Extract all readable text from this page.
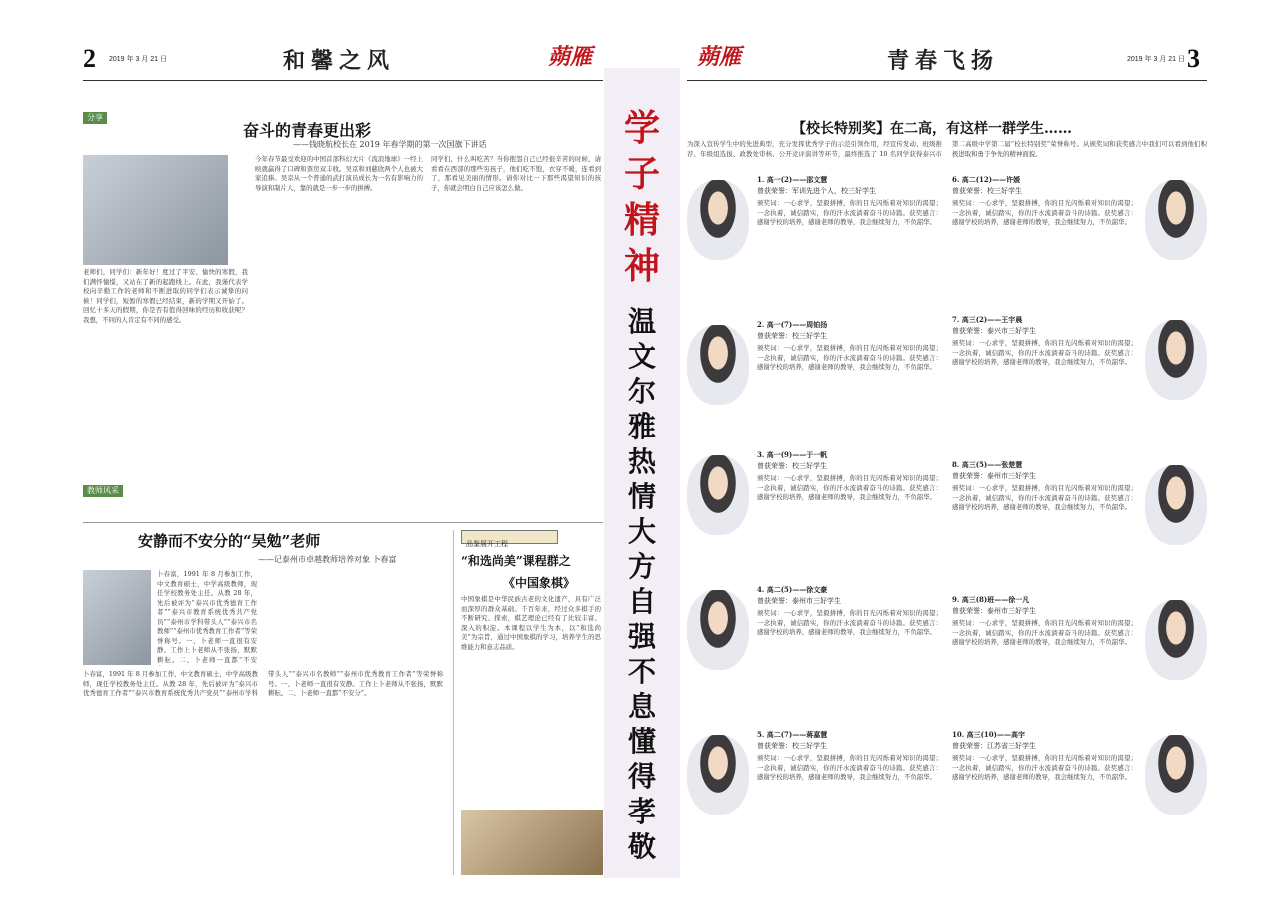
2 2019 年 3 月 21 日	和馨之风	蒴雁
分享
奋斗的青春更出彩
——钱晓航校长在 2019 年春学期的第一次国旗下讲话
老师们，同学们：新年好！度过了平安、愉快的寒假，我们满怀憧憬，又站在了新的起跑线上。在此，我谨代表学校向辛勤工作的老师和不断进取的同学们表示诚挚的问候！同学们，短暂的寒假已经结束，新的学期又开始了。回忆十多天的假期，你是否有值得回味的经历和收获呢？我想，不同的人肯定有不同的感受。
今年春节最受欢迎的中国首部科幻大片《流浪地球》一经上映就赢得了口碑和票房双丰收。吴京和刘慈欣两个人也被大家追捧。吴京从一个普通的武打演员成长为一名有影响力的导演和制片人，靠的就是一步一步的拼搏。
同学们，什么叫吃苦？当你抱怨自己已经很辛苦的时候，请看看在西部的那些穷孩子，他们吃不饱，衣穿不暖，连看到了，那看见美丽的情形。请你对比一下那些渴望知识的孩子，你就会明白自己应该怎么做。
教师风采
安静而不安分的“吴勉”老师
——记泰州市卓越教师培养对象 卜春富
卜春富，1991 年 8 月参加工作，中文教育硕士，中学高级教师，现任学校教务处主任。从教 28 年，先后被评为“泰兴市优秀德育工作者”“泰兴市教育系统优秀共产党员”“泰州市学科带头人”“泰兴市名教师”“泰州市优秀教育工作者”等荣誉称号。一、卜老师一直很有安静。工作上卜老师从不张扬，默默耕耘。二、卜老师一直都“不安分”。
卜春富，1991 年 8 月参加工作，中文教育硕士，中学高级教师，现任学校教务处主任。从教 28 年，先后被评为“泰兴市优秀德育工作者”“泰兴市教育系统优秀共产党员”“泰州市学科带头人”“泰兴市名教师”“泰州市优秀教育工作者”等荣誉称号。一、卜老师一直很有安静。工作上卜老师从不张扬，默默耕耘。二、卜老师一直都“不安
品鉴展开工程
“和选尚美”课程群之
《中国象棋》
中国象棋是中华民族古老的文化遗产，具有广泛而深厚的群众基础。千百年来，经过众多棋手的不断研究、探索，棋艺理论已经有了比较丰富、深入的积淀。本课程以学生为本，以“和选尚美”为宗旨，通过中国象棋的学习，培养学生的思维能力和意志品质。
学
子
精
神
温
文
尔
雅
热
情
大
方
自
强
不
息
懂
得
孝
敬
蒴雁	青春飞扬	2019 年 3 月 21 日 3
【校长特别奖】在二高，有这样一群学生……
为深入宣传学生中的先进典型，充分发挥优秀学子的示范引领作用，经宣传发动、班级推荐、年级组选拔、政教处审核、公开竞评演讲等环节，最终推选了 10 名同学获得泰兴市第二高级中学第二届“校长特别奖”荣誉称号。从颁奖词和获奖感言中我们可以看到他们积极进取和勇于争先的精神面貌。
1. 高一(2)——邵文慧
曾获荣誉：军训先进个人，校三好学生
颁奖词：一心求学，坚毅拼搏，你的目光闪烁着对知识的渴望；一念执着，诚信踏实，你的汗水流淌着奋斗的诗篇。获奖感言：感谢学校的培养，感谢老师的教导，我会继续努力，不负韶华。
2. 高一(7)——周铂扬
曾获荣誉：校三好学生
颁奖词：一心求学，坚毅拼搏，你的目光闪烁着对知识的渴望；一念执着，诚信踏实，你的汗水流淌着奋斗的诗篇。获奖感言：感谢学校的培养，感谢老师的教导，我会继续努力，不负韶华。
3. 高一(9)——于一帆
曾获荣誉：校三好学生
颁奖词：一心求学，坚毅拼搏，你的目光闪烁着对知识的渴望；一念执着，诚信踏实，你的汗水流淌着奋斗的诗篇。获奖感言：感谢学校的培养，感谢老师的教导，我会继续努力，不负韶华。
4. 高二(5)——徐文豪
曾获荣誉：泰州市三好学生
颁奖词：一心求学，坚毅拼搏，你的目光闪烁着对知识的渴望；一念执着，诚信踏实，你的汗水流淌着奋斗的诗篇。获奖感言：感谢学校的培养，感谢老师的教导，我会继续努力，不负韶华。
5. 高二(7)——蒋嘉慧
曾获荣誉：校三好学生
颁奖词：一心求学，坚毅拼搏，你的目光闪烁着对知识的渴望；一念执着，诚信踏实，你的汗水流淌着奋斗的诗篇。获奖感言：感谢学校的培养，感谢老师的教导，我会继续努力，不负韶华。
6. 高二(12)——许媛
曾获荣誉：校三好学生
颁奖词：一心求学，坚毅拼搏，你的目光闪烁着对知识的渴望；一念执着，诚信踏实，你的汗水流淌着奋斗的诗篇。获奖感言：感谢学校的培养，感谢老师的教导，我会继续努力，不负韶华。
7. 高三(2)——王宇晨
曾获荣誉：泰兴市三好学生
颁奖词：一心求学，坚毅拼搏，你的目光闪烁着对知识的渴望；一念执着，诚信踏实，你的汗水流淌着奋斗的诗篇。获奖感言：感谢学校的培养，感谢老师的教导，我会继续努力，不负韶华。
8. 高三(5)——张楚慧
曾获荣誉：泰州市三好学生
颁奖词：一心求学，坚毅拼搏，你的目光闪烁着对知识的渴望；一念执着，诚信踏实，你的汗水流淌着奋斗的诗篇。获奖感言：感谢学校的培养，感谢老师的教导，我会继续努力，不负韶华。
9. 高三(8)班——徐一凡
曾获荣誉：泰州市三好学生
颁奖词：一心求学，坚毅拼搏，你的目光闪烁着对知识的渴望；一念执着，诚信踏实，你的汗水流淌着奋斗的诗篇。获奖感言：感谢学校的培养，感谢老师的教导，我会继续努力，不负韶华。
10. 高三(10)——高宇
曾获荣誉：江苏省三好学生
颁奖词：一心求学，坚毅拼搏，你的目光闪烁着对知识的渴望；一念执着，诚信踏实，你的汗水流淌着奋斗的诗篇。获奖感言：感谢学校的培养，感谢老师的教导，我会继续努力，不负韶华。
